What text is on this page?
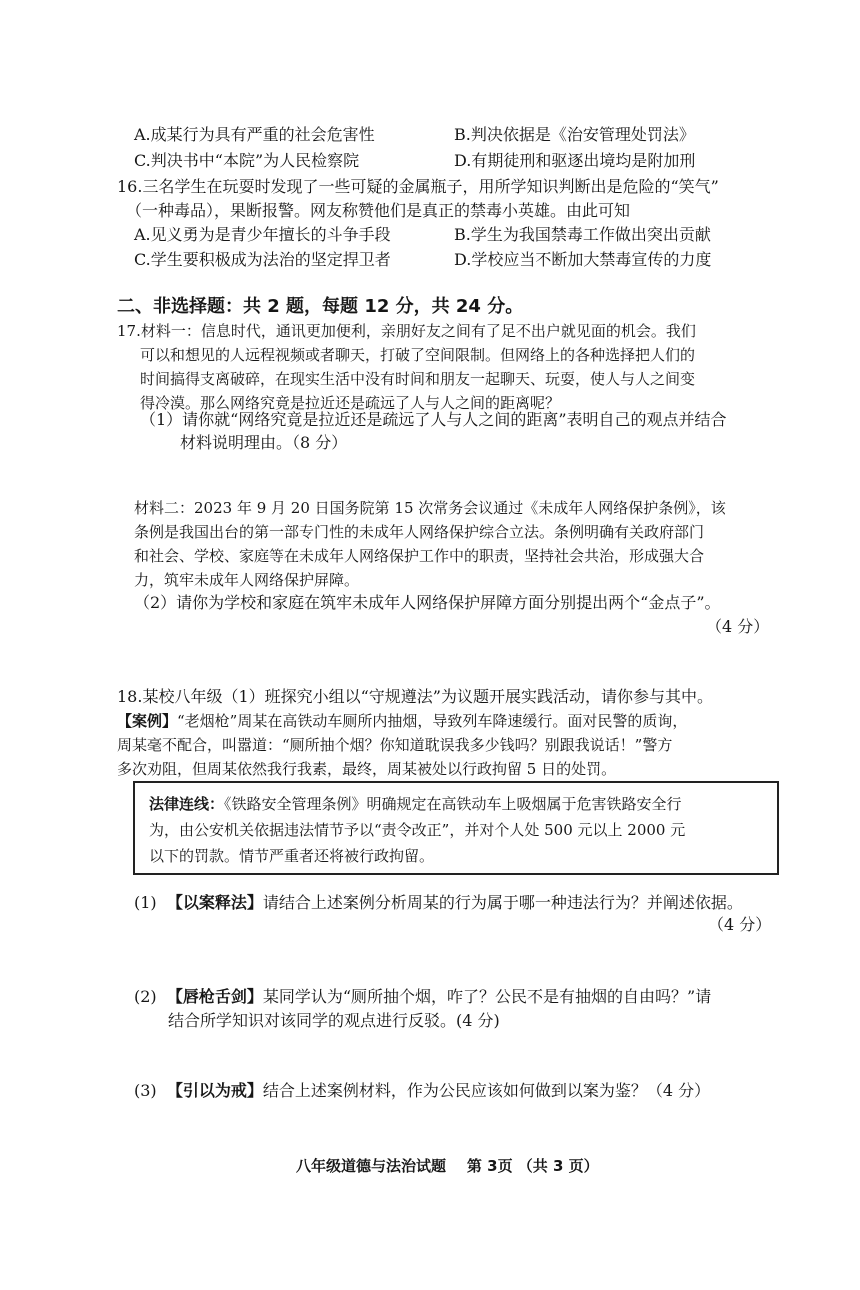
A.成某行为具有严重的社会危害性	B.判决依据是《治安管理处罚法》
C.判决书中“本院”为人民检察院	D.有期徒刑和驱逐出境均是附加刑
16.三名学生在玩耍时发现了一些可疑的金属瓶子，用所学知识判断出是危险的“笑气”
（一种毒品），果断报警。网友称赞他们是真正的禁毒小英雄。由此可知
A.见义勇为是青少年擅长的斗争手段	B.学生为我国禁毒工作做出突出贡献
C.学生要积极成为法治的坚定捍卫者	D.学校应当不断加大禁毒宣传的力度
二、非选择题：共 2 题，每题 12 分，共 24 分。
17.材料一：信息时代，通讯更加便利，亲朋好友之间有了足不出户就见面的机会。我们
可以和想见的人远程视频或者聊天，打破了空间限制。但网络上的各种选择把人们的
时间搞得支离破碎，在现实生活中没有时间和朋友一起聊天、玩耍，使人与人之间变
得冷漠。那么网络究竟是拉近还是疏远了人与人之间的距离呢？
（1）请你就“网络究竟是拉近还是疏远了人与人之间的距离”表明自己的观点并结合
材料说明理由。（8 分）
材料二：2023 年 9 月 20 日国务院第 15 次常务会议通过《未成年人网络保护条例》，该
条例是我国出台的第一部专门性的未成年人网络保护综合立法。条例明确有关政府部门
和社会、学校、家庭等在未成年人网络保护工作中的职责，坚持社会共治，形成强大合
力，筑牢未成年人网络保护屏障。
（2）请你为学校和家庭在筑牢未成年人网络保护屏障方面分别提出两个“金点子”。
（4 分）
18.某校八年级（1）班探究小组以“守规遵法”为议题开展实践活动，请你参与其中。
【案例】“老烟枪”周某在高铁动车厕所内抽烟，导致列车降速缓行。面对民警的质询，
周某毫不配合，叫嚣道：“厕所抽个烟？你知道耽误我多少钱吗？别跟我说话！”警方
多次劝阻，但周某依然我行我素，最终，周某被处以行政拘留 5 日的处罚。
法律连线：《铁路安全管理条例》明确规定在高铁动车上吸烟属于危害铁路安全行
为，由公安机关依据违法情节予以“责令改正”，并对个人处 500 元以上 2000 元
以下的罚款。情节严重者还将被行政拘留。
(1) 【以案释法】请结合上述案例分析周某的行为属于哪一种违法行为？并阐述依据。
（4 分）
(2) 【唇枪舌剑】某同学认为“厕所抽个烟，咋了？公民不是有抽烟的自由吗？”请
结合所学知识对该同学的观点进行反驳。(4 分)
(3) 【引以为戒】结合上述案例材料，作为公民应该如何做到以案为鉴？（4 分）
八年级道德与法治试题 第 3页 （共 3 页）
